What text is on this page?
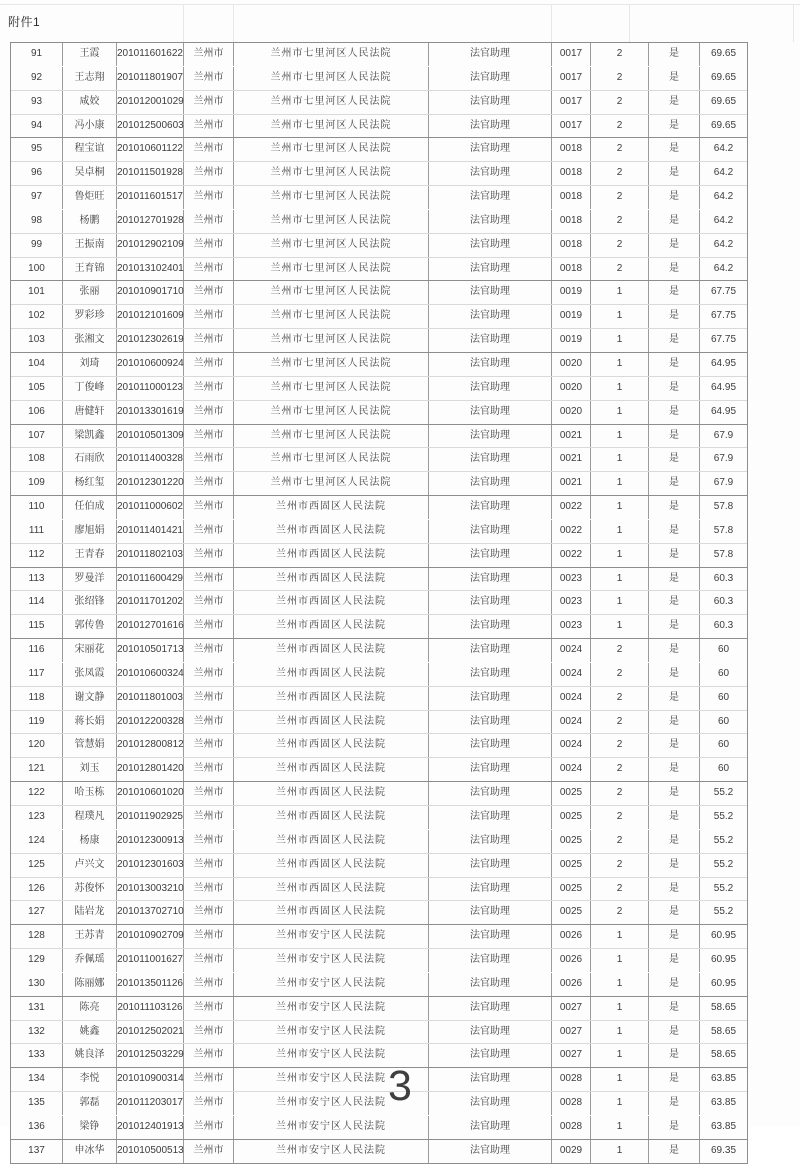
附件1
91	王霞	201011601622	兰州市	兰州市七里河区人民法院	法官助理	0017	2	是	69.65
92	王志翔	201011801907	兰州市	兰州市七里河区人民法院	法官助理	0017	2	是	69.65
93	咸姣	201012001029 兰州市	兰州市七里河区人民法院	法官助理	0017	2	是	69.65
94	冯小康	201012500603 兰州市	兰州市七里河区人民法院	法官助理	0017	2	是	69.65
95	程宝谊	201010601122	兰州市	兰州市七里河区人民法院	法官助理	0018	2	是	64.2
96	吴卓桐	201011501928	兰州市	兰州市七里河区人民法院	法官助理	0018	2	是	64.2
97	鲁炬旺	201011601517	兰州市	兰州市七里河区人民法院	法官助理	0018	2	是	64.2
98	杨鹏	201012701928 兰州市	兰州市七里河区人民法院	法官助理	0018	2	是	64.2
99	王振南	201012902109 兰州市	兰州市七里河区人民法院	法官助理	0018	2	是	64.2
100	王育锦	201013102401 兰州市	兰州市七里河区人民法院	法官助理	0018	2	是	64.2
101	张丽	201010901710 兰州市	兰州市七里河区人民法院	法官助理	0019	1	是	67.75
102	罗彩珍	201012101609 兰州市	兰州市七里河区人民法院	法官助理	0019	1	是	67.75
103	张湘文	201012302619 兰州市	兰州市七里河区人民法院	法官助理	0019	1	是	67.75
104	刘琦	201010600924 兰州市	兰州市七里河区人民法院	法官助理	0020	1	是	64.95
105	丁俊峰	201011000123	兰州市	兰州市七里河区人民法院	法官助理	0020	1	是	64.95
106	唐健轩	201013301619 兰州市	兰州市七里河区人民法院	法官助理	0020	1	是	64.95
107	梁凯鑫	201010501309 兰州市	兰州市七里河区人民法院	法官助理	0021	1	是	67.9
108	石雨欣	201011400328	兰州市	兰州市七里河区人民法院	法官助理	0021	1	是	67.9
109	杨红玺	201012301220 兰州市	兰州市七里河区人民法院	法官助理	0021	1	是	67.9
110	任伯成	201011000602	兰州市	兰州市西固区人民法院	法官助理	0022	1	是	57.8
111	廖旭娟	201011401421	兰州市	兰州市西固区人民法院	法官助理	0022	1	是	57.8
112	王青春	201011802103	兰州市	兰州市西固区人民法院	法官助理	0022	1	是	57.8
113	罗曼洋	201011600429	兰州市	兰州市西固区人民法院	法官助理	0023	1	是	60.3
114	张绍锋	201011701202	兰州市	兰州市西固区人民法院	法官助理	0023	1	是	60.3
115	郭传鲁	201012701616 兰州市	兰州市西固区人民法院	法官助理	0023	1	是	60.3
116	宋丽花	201010501713 兰州市	兰州市西固区人民法院	法官助理	0024	2	是	60
117	张凤霞	201010600324 兰州市	兰州市西固区人民法院	法官助理	0024	2	是	60
118	谢文静	201011801003	兰州市	兰州市西固区人民法院	法官助理	0024	2	是	60
119	蒋长娟	201012200328 兰州市	兰州市西固区人民法院	法官助理	0024	2	是	60
120	管慧娟	201012800812 兰州市	兰州市西固区人民法院	法官助理	0024	2	是	60
121	刘玉	201012801420 兰州市	兰州市西固区人民法院	法官助理	0024	2	是	60
122	哈玉栋	201010601020 兰州市	兰州市西固区人民法院	法官助理	0025	2	是	55.2
123	程璞凡	201011902925	兰州市	兰州市西固区人民法院	法官助理	0025	2	是	55.2
124	杨康	201012300913 兰州市	兰州市西固区人民法院	法官助理	0025	2	是	55.2
125	卢兴文	201012301603 兰州市	兰州市西固区人民法院	法官助理	0025	2	是	55.2
126	苏俊怀	201013003210 兰州市	兰州市西固区人民法院	法官助理	0025	2	是	55.2
127	陆岩龙	201013702710 兰州市	兰州市西固区人民法院	法官助理	0025	2	是	55.2
128	王苏青	201010902709 兰州市	兰州市安宁区人民法院	法官助理	0026	1	是	60.95
129	乔佩瑶	201011001627	兰州市	兰州市安宁区人民法院	法官助理	0026	1	是	60.95
130	陈丽娜	201013501126	兰州市	兰州市安宁区人民法院	法官助理	0026	1	是	60.95
131	陈亮	201011103126	兰州市	兰州市安宁区人民法院	法官助理	0027	1	是	58.65
132	姚鑫	201012502021 兰州市	兰州市安宁区人民法院	法官助理	0027	1	是	58.65
133	姚良泽	201012503229 兰州市	兰州市安宁区人民法院	法官助理	0027	1	是	58.65
134	李悦	201010900314 兰州市	兰州市安宁区人民法院	法官助理	0028	1	是	63.85
135	郭磊	201011203017	兰州市	兰州市安宁区人民法院	法官助理	0028	1	是	63.85
136	梁铮	201012401913 兰州市	兰州市安宁区人民法院	法官助理	0028	1	是	63.85
137	申冰华	201010500513 兰州市	兰州市安宁区人民法院	法官助理	0029	1	是	69.35
3
